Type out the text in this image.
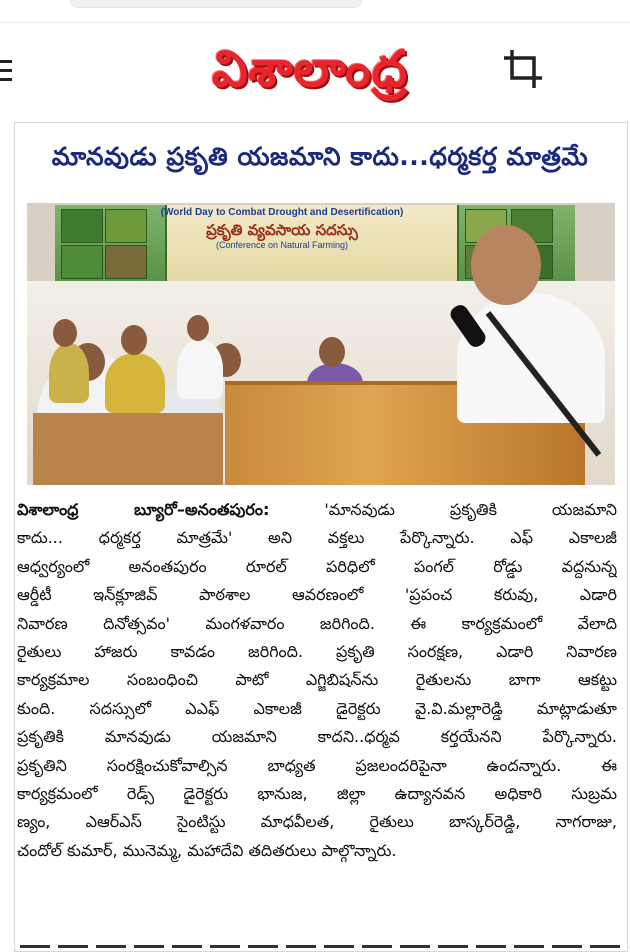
విశాలాంధ్ర
మానవుడు ప్రకృతి యజమాని కాదు...ధర్మకర్త మాత్రమే
(World Day to Combat Drought and Desertification)
ప్రకృతి వ్యవసాయ సదస్సు
(Conference on Natural Farming)
విశాలాంధ్ర బ్యూరో–అనంతపురం:	'మానవుడు ప్రకృతికి యజమాని
కాదు... ధర్మకర్త మాత్రమే' అని వక్తలు పేర్కొన్నారు. ఎఫ్ ఎకాలజీ
ఆధ్వర్యంలో అనంతపురం రూరల్ పరిధిలో పంగల్ రోడ్డు వద్దనున్న
ఆర్డీటీ ఇన్‌క్లూజివ్ పాఠశాల ఆవరణంలో 'ప్రపంచ కరువు, ఎడారి
నివారణ దినోత్సవం' మంగళవారం జరిగింది. ఈ కార్యక్రమంలో వేలాది
రైతులు హాజరు కావడం జరిగింది. ప్రకృతి సంరక్షణ, ఎడారి నివారణ
కార్యక్రమాల సంబంధించి పాటో ఎగ్జిబిషన్‌ను రైతులను బాగా ఆకట్టు
కుంది. సదస్సులో ఎఎఫ్ ఎకాలజీ డైరెక్టరు వై.వి.మల్లారెడ్డి మాట్లాడుతూ
ప్రకృతికి మానవుడు యజమాని కాదని..ధర్మవ కర్తయేనని పేర్కొన్నారు.
ప్రకృతిని సంరక్షించుకోవాల్సిన బాధ్యత ప్రజలందరిపైనా ఉందన్నారు. ఈ
కార్యక్రమంలో రెడ్స్ డైరెక్టరు భానుజ, జిల్లా ఉద్యానవన అధికారి సుబ్రమ
ణ్యం, ఎఆర్ఎస్ సైంటిస్టు మాధవీలత, రైతులు బాస్కర్‌రెడ్డి, నాగరాజు,
చందోల్ కుమార్, మునెమ్మ, మహాదేవి తదితరులు పాల్గొన్నారు.
